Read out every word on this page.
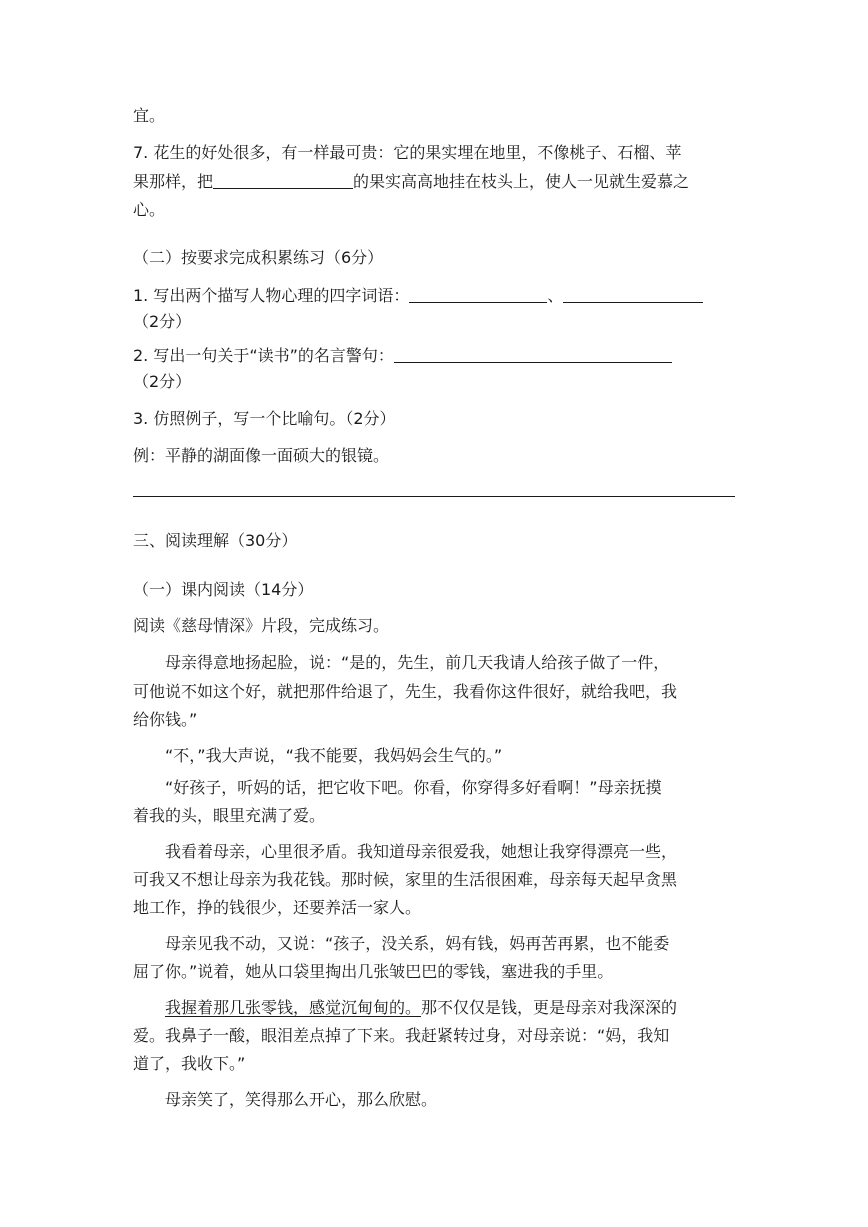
宜。
7. 花生的好处很多，有一样最可贵：它的果实埋在地里，不像桃子、石榴、苹
果那样，把	的果实高高地挂在枝头上，使人一见就生爱慕之
心。
（二）按要求完成积累练习（6分）
1. 写出两个描写人物心理的四字词语：	、
（2分）
2. 写出一句关于“读书”的名言警句：
（2分）
3. 仿照例子，写一个比喻句。（2分）
例：平静的湖面像一面硕大的银镜。
三、阅读理解（30分）
（一）课内阅读（14分）
阅读《慈母情深》片段，完成练习。
母亲得意地扬起脸，说：“是的，先生，前几天我请人给孩子做了一件，
可他说不如这个好，就把那件给退了，先生，我看你这件很好，就给我吧，我
给你钱。”
“不，”我大声说，“我不能要，我妈妈会生气的。”
“好孩子，听妈的话，把它收下吧。你看，你穿得多好看啊！”母亲抚摸
着我的头，眼里充满了爱。
我看着母亲，心里很矛盾。我知道母亲很爱我，她想让我穿得漂亮一些，
可我又不想让母亲为我花钱。那时候，家里的生活很困难，母亲每天起早贪黑
地工作，挣的钱很少，还要养活一家人。
母亲见我不动，又说：“孩子，没关系，妈有钱，妈再苦再累，也不能委
屈了你。”说着，她从口袋里掏出几张皱巴巴的零钱，塞进我的手里。
我握着那几张零钱，感觉沉甸甸的。那不仅仅是钱，更是母亲对我深深的
爱。我鼻子一酸，眼泪差点掉了下来。我赶紧转过身，对母亲说：“妈，我知
道了，我收下。”
母亲笑了，笑得那么开心，那么欣慰。
